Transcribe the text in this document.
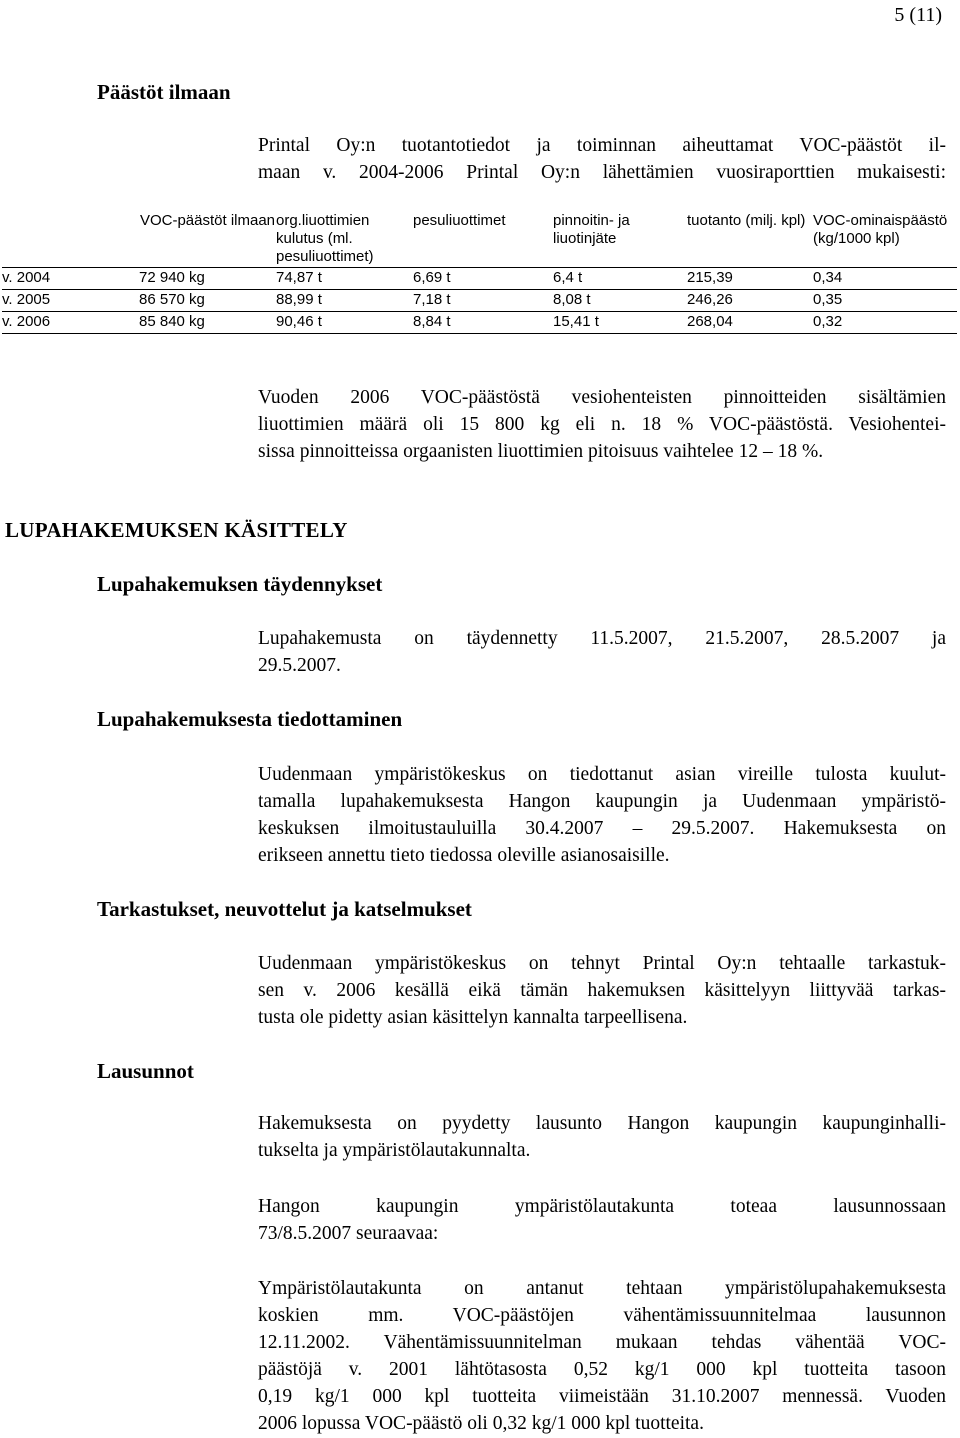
5 (11)
Päästöt ilmaan
Printal Oy:n tuotantotiedot ja toiminnan aiheuttamat VOC-päästöt il-
maan v. 2004-2006 Printal Oy:n lähettämien vuosiraporttien mukaisesti:
	VOC-päästöt ilmaan	org.liuottimien kulutus (ml. pesuliuottimet)	pesuliuottimet	pinnoitin- ja liuotinjäte	tuotanto (milj. kpl)	VOC-ominaispäästö (kg/1000 kpl)
v. 2004	72 940 kg	74,87 t	6,69 t	6,4 t	215,39	0,34
v. 2005	86 570 kg	88,99 t	7,18 t	8,08 t	246,26	0,35
v. 2006	85 840 kg	90,46 t	8,84 t	15,41 t	268,04	0,32
Vuoden 2006 VOC-päästöstä vesiohenteisten pinnoitteiden sisältämien
liuottimien määrä oli 15 800 kg eli n. 18 % VOC-päästöstä. Vesiohentei-
sissa pinnoitteissa orgaanisten liuottimien pitoisuus vaihtelee 12 – 18 %.
LUPAHAKEMUKSEN KÄSITTELY
Lupahakemuksen täydennykset
Lupahakemusta on täydennetty 11.5.2007, 21.5.2007, 28.5.2007 ja
29.5.2007.
Lupahakemuksesta tiedottaminen
Uudenmaan ympäristökeskus on tiedottanut asian vireille tulosta kuulut-
tamalla lupahakemuksesta Hangon kaupungin ja Uudenmaan ympäristö-
keskuksen ilmoitustauluilla 30.4.2007 – 29.5.2007. Hakemuksesta on
erikseen annettu tieto tiedossa oleville asianosaisille.
Tarkastukset, neuvottelut ja katselmukset
Uudenmaan ympäristökeskus on tehnyt Printal Oy:n tehtaalle tarkastuk-
sen v. 2006 kesällä eikä tämän hakemuksen käsittelyyn liittyvää tarkas-
tusta ole pidetty asian käsittelyn kannalta tarpeellisena.
Lausunnot
Hakemuksesta on pyydetty lausunto Hangon kaupungin kaupunginhalli-
tukselta ja ympäristölautakunnalta.
Hangon kaupungin ympäristölautakunta toteaa lausunnossaan
73/8.5.2007 seuraavaa:
Ympäristölautakunta on antanut tehtaan ympäristölupahakemuksesta
koskien mm. VOC-päästöjen vähentämissuunnitelmaa lausunnon
12.11.2002. Vähentämissuunnitelman mukaan tehdas vähentää VOC-
päästöjä v. 2001 lähtötasosta 0,52 kg/1 000 kpl tuotteita tasoon
0,19 kg/1 000 kpl tuotteita viimeistään 31.10.2007 mennessä. Vuoden
2006 lopussa VOC-päästö oli 0,32 kg/1 000 kpl tuotteita.
